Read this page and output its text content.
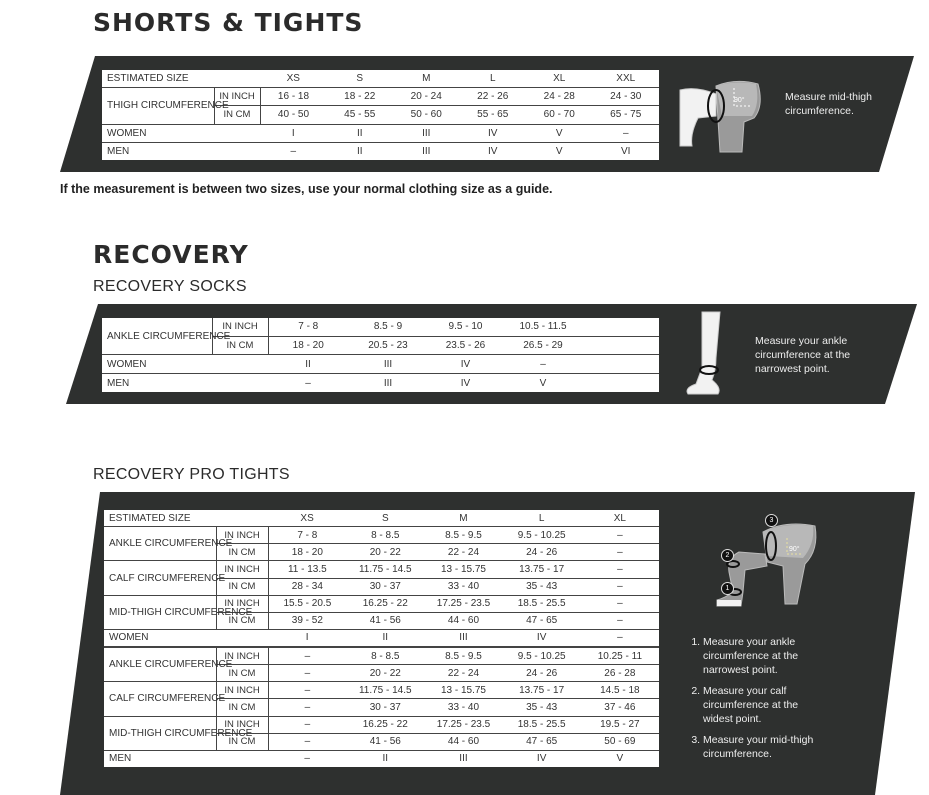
SHORTS & TIGHTS
ESTIMATED SIZE		XS	S	M	L	XL	XXL
THIGH CIRCUMFERENCE	IN INCH	16 - 18	18 - 22	20 - 24	22 - 26	24 - 28	24 - 30
	IN CM	40 - 50	45 - 55	50 - 60	55 - 65	60 - 70	65 - 75
WOMEN		I	II	III	IV	V	–
MEN		–	II	III	IV	V	VI
90°	Measure mid-thigh circumference.
If the measurement is between two sizes, use your normal clothing size as a guide.
RECOVERY
RECOVERY SOCKS
ANKLE CIRCUMFERENCE	IN INCH	7 - 8	8.5 - 9	9.5 - 10	10.5 - 11.5	
	IN CM	18 - 20	20.5 - 23	23.5 - 26	26.5 - 29	
WOMEN		II	III	IV	–	
MEN		–	III	IV	V	
Measure your ankle circumference at the narrowest point.
RECOVERY PRO TIGHTS
ESTIMATED SIZE		XS	S	M	L	XL
ANKLE CIRCUMFERENCE	IN INCH	7 - 8	8 - 8.5	8.5 - 9.5	9.5 - 10.25	–
	IN CM	18 - 20	20 - 22	22 - 24	24 - 26	–
CALF CIRCUMFERENCE	IN INCH	11 - 13.5	11.75 - 14.5	13 - 15.75	13.75 - 17	–
	IN CM	28 - 34	30 - 37	33 - 40	35 - 43	–
MID-THIGH CIRCUMFERENCE	IN INCH	15.5 - 20.5	16.25 - 22	17.25 - 23.5	18.5 - 25.5	–
	IN CM	39 - 52	41 - 56	44 - 60	47 - 65	–
WOMEN		I	II	III	IV	–
ANKLE CIRCUMFERENCE	IN INCH	–	8 - 8.5	8.5 - 9.5	9.5 - 10.25	10.25 - 11
	IN CM	–	20 - 22	22 - 24	24 - 26	26 - 28
CALF CIRCUMFERENCE	IN INCH	–	11.75 - 14.5	13 - 15.75	13.75 - 17	14.5 - 18
	IN CM	–	30 - 37	33 - 40	35 - 43	37 - 46
MID-THIGH CIRCUMFERENCE	IN INCH	–	16.25 - 22	17.25 - 23.5	18.5 - 25.5	19.5 - 27
	IN CM	–	41 - 56	44 - 60	47 - 65	50 - 69
MEN		–	II	III	IV	V
90°
3
2
1
1. Measure your ankle circumference at the narrowest point.
2. Measure your calf circumference at the widest point.
3. Measure your mid-thigh circumference.
